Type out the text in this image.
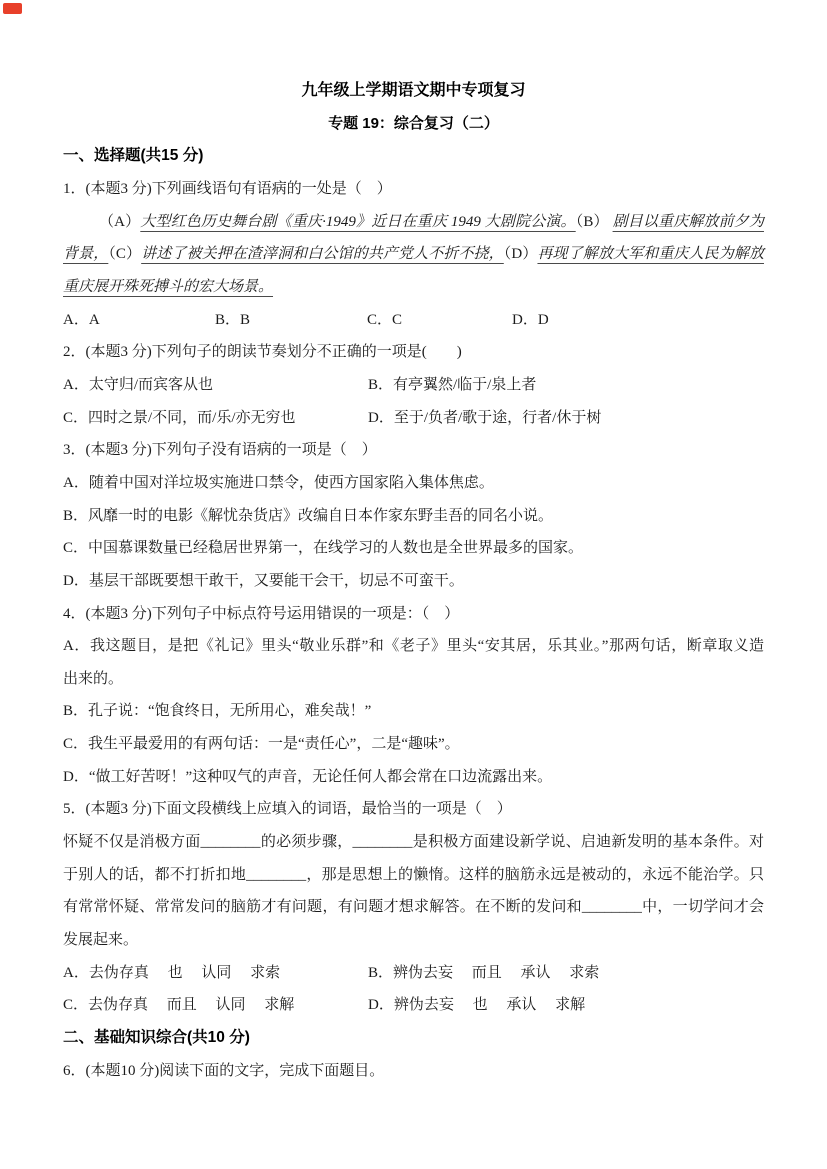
九年级上学期语文期中专项复习
专题 19：综合复习（二）
一、选择题(共15 分)
1．(本题3 分)下列画线语句有语病的一处是（　）
（A）大型红色历史舞台剧《重庆·1949》近日在重庆 1949 大剧院公演。（B） 剧目以重庆解放前夕为
背景，（C）讲述了被关押在渣滓洞和白公馆的共产党人不折不挠，（D）再现了解放大军和重庆人民为解放
重庆展开殊死搏斗的宏大场景。
A．A	B．B	C．C	D．D
2．(本题3 分)下列句子的朗读节奏划分不正确的一项是(　　)
A．太守归/而宾客从也	B．有亭翼然/临于/泉上者
C．四时之景/不同，而/乐/亦无穷也	D．至于/负者/歌于途，行者/休于树
3．(本题3 分)下列句子没有语病的一项是（　）
A．随着中国对洋垃圾实施进口禁令，使西方国家陷入集体焦虑。
B．风靡一时的电影《解忧杂货店》改编自日本作家东野圭吾的同名小说。
C．中国慕课数量已经稳居世界第一，在线学习的人数也是全世界最多的国家。
D．基层干部既要想干敢干，又要能干会干，切忌不可蛮干。
4．(本题3 分)下列句子中标点符号运用错误的一项是：（　）
A．我这题目，是把《礼记》里头“敬业乐群”和《老子》里头“安其居，乐其业。”那两句话，断章取义造
出来的。
B．孔子说：“饱食终日，无所用心，难矣哉！”
C．我生平最爱用的有两句话：一是“责任心”，二是“趣味”。
D．“做工好苦呀！”这种叹气的声音，无论任何人都会常在口边流露出来。
5．(本题3 分)下面文段横线上应填入的词语，最恰当的一项是（　）
怀疑不仅是消极方面________的必须步骤，________是积极方面建设新学说、启迪新发明的基本条件。对
于别人的话，都不打折扣地________，那是思想上的懒惰。这样的脑筋永远是被动的，永远不能治学。只
有常常怀疑、常常发问的脑筋才有问题，有问题才想求解答。在不断的发问和________中，一切学问才会
发展起来。
A．去伪存真　 也　 认同　 求索	B．辨伪去妄　 而且　 承认　 求索
C．去伪存真　 而且　 认同　 求解	D．辨伪去妄　 也　 承认　 求解
二、基础知识综合(共10 分)
6．(本题10 分)阅读下面的文字，完成下面题目。
